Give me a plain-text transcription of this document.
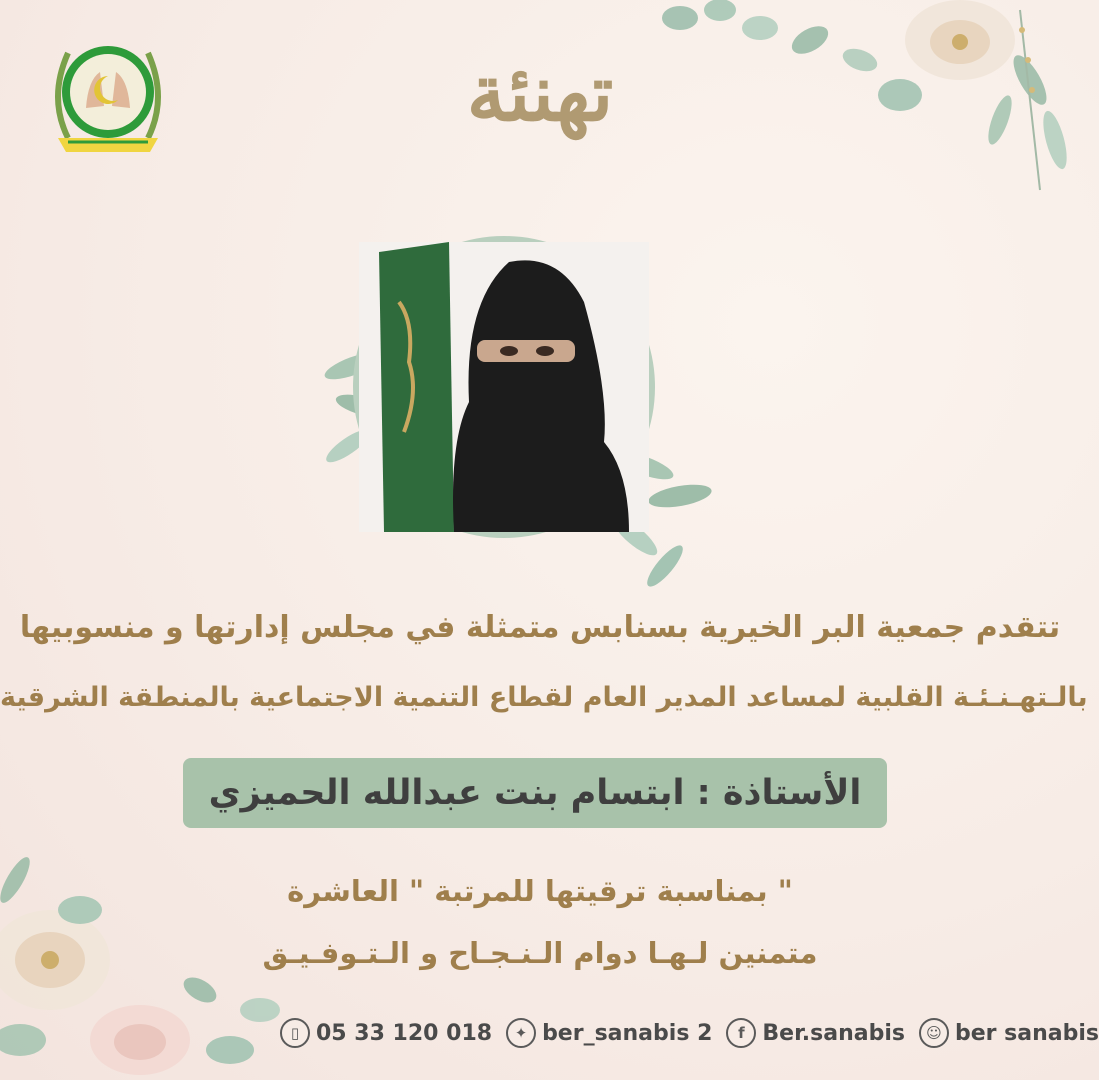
تهنئة
تتقدم جمعية البر الخيرية بسنابس متمثلة في مجلس إدارتها و منسوبيها
بالـتهـنـئـة القلبية لمساعد المدير العام لقطاع التنمية الاجتماعية بالمنطقة الشرقية
الأستاذة : ابتسام بنت عبدالله الحميزي
بمناسبة ترقيتها للمرتبة " العاشرة "
متمنين لـهـا دوام الـنـجـاح و الـتـوفـيـق
▯ 05 33 120 018	✦ ber_sanabis 2	f Ber.sanabis	☺ ber sanabis
